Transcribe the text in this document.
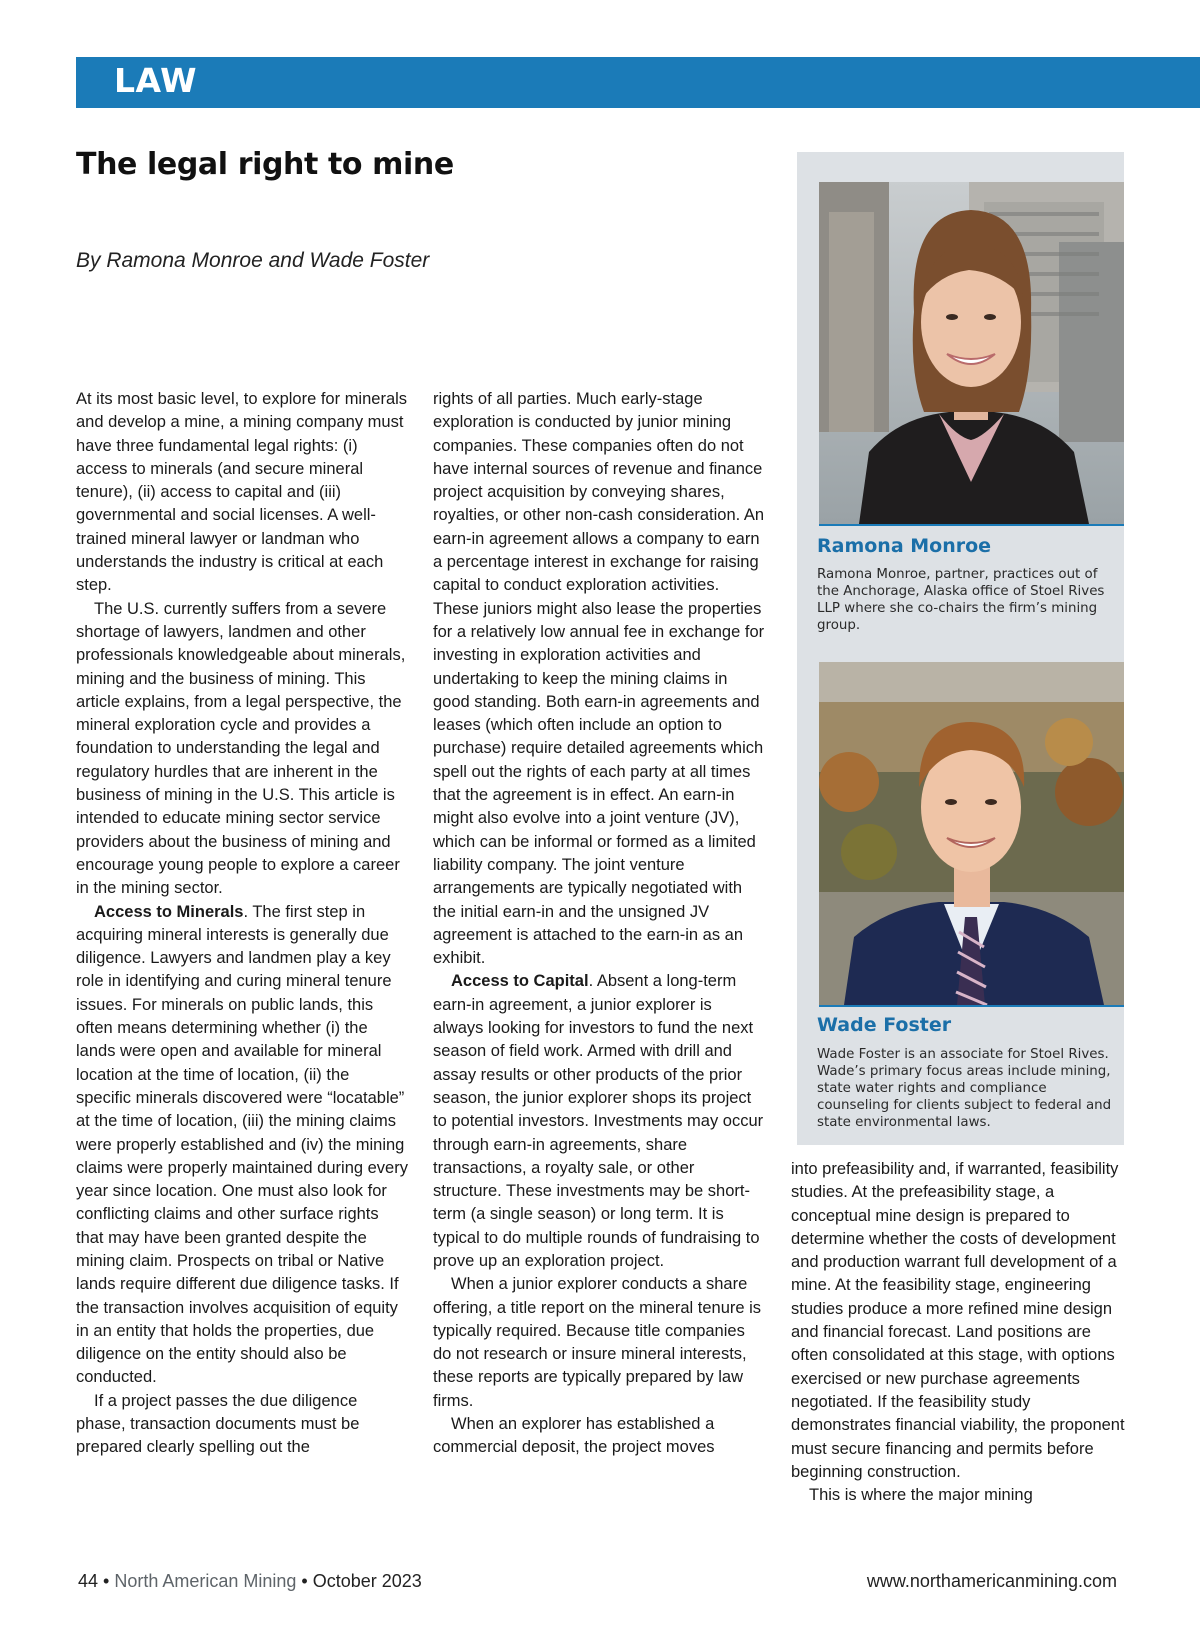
LAW
The legal right to mine
By Ramona Monroe and Wade Foster

At its most basic level, to explore for minerals and develop a mine, a mining company must have three fundamental legal rights: (i) access to minerals (and secure mineral tenure), (ii) access to capital and (iii) governmental and social licenses. A well-trained mineral lawyer or landman who understands the industry is critical at each step.

The U.S. currently suffers from a severe shortage of lawyers, landmen and other professionals knowledgeable about minerals, mining and the business of mining. This article explains, from a legal perspective, the mineral exploration cycle and provides a foundation to understanding the legal and regulatory hurdles that are inherent in the business of mining in the U.S. This article is intended to educate mining sector service providers about the business of mining and encourage young people to explore a career in the mining sector.

Access to Minerals. The first step in acquiring mineral interests is generally due diligence. Lawyers and landmen play a key role in identifying and curing mineral tenure issues. For minerals on public lands, this often means determining whether (i) the lands were open and available for mineral location at the time of location, (ii) the specific minerals discovered were “locatable” at the time of location, (iii) the mining claims were properly established and (iv) the mining claims were properly maintained during every year since location. One must also look for conflicting claims and other surface rights that may have been granted despite the mining claim. Prospects on tribal or Native lands require different due diligence tasks. If the transaction involves acquisition of equity in an entity that holds the properties, due diligence on the entity should also be conducted.

If a project passes the due diligence phase, transaction documents must be prepared clearly spelling out the

rights of all parties. Much early-stage exploration is conducted by junior mining companies. These companies often do not have internal sources of revenue and finance project acquisition by conveying shares, royalties, or other non-cash consideration. An earn-in agreement allows a company to earn a percentage interest in exchange for raising capital to conduct exploration activities. These juniors might also lease the properties for a relatively low annual fee in exchange for investing in exploration activities and undertaking to keep the mining claims in good standing. Both earn-in agreements and leases (which often include an option to purchase) require detailed agreements which spell out the rights of each party at all times that the agreement is in effect. An earn-in might also evolve into a joint venture (JV), which can be informal or formed as a limited liability company. The joint venture arrangements are typically negotiated with the initial earn-in and the unsigned JV agreement is attached to the earn-in as an exhibit.

Access to Capital. Absent a long-term earn-in agreement, a junior explorer is always looking for investors to fund the next season of field work. Armed with drill and assay results or other products of the prior season, the junior explorer shops its project to potential investors. Investments may occur through earn-in agreements, share transactions, a royalty sale, or other structure. These investments may be short-term (a single season) or long term. It is typical to do multiple rounds of fundraising to prove up an exploration project.

When a junior explorer conducts a share offering, a title report on the mineral tenure is typically required. Because title companies do not research or insure mineral interests, these reports are typically prepared by law firms.

When an explorer has established a commercial deposit, the project moves

into prefeasibility and, if warranted, feasibility studies. At the prefeasibility stage, a conceptual mine design is prepared to determine whether the costs of development and production warrant full development of a mine. At the feasibility stage, engineering studies produce a more refined mine design and financial forecast. Land positions are often consolidated at this stage, with options exercised or new purchase agreements negotiated. If the feasibility study demonstrates financial viability, the proponent must secure financing and permits before beginning construction.

This is where the major mining

Ramona Monroe
Ramona Monroe, partner, practices out of the Anchorage, Alaska office of Stoel Rives LLP where she co-chairs the firm’s mining group.
Wade Foster
Wade Foster is an associate for Stoel Rives. Wade’s primary focus areas include mining, state water rights and compliance counseling for clients subject to federal and state environmental laws.
44 • North American Mining • October 2023	www.northamericanmining.com
